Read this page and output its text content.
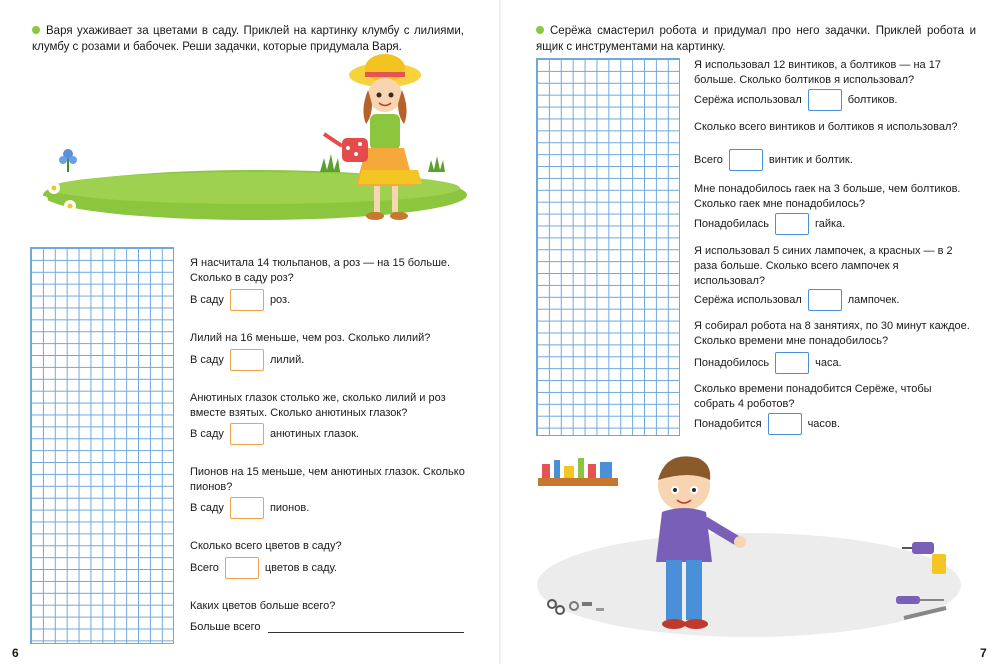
Варя ухаживает за цветами в саду. Приклей на картинку клумбу с лилиями, клумбу с розами и бабочек. Реши задачки, которые придумала Варя.

Я насчитала 14 тюльпанов, а роз — на 15 больше. Сколько в саду роз?

В саду	роз.

Лилий на 16 меньше, чем роз. Сколько лилий?

В саду	лилий.

Анютиных глазок столько же, сколько лилий и роз вместе взятых. Сколько анютиных глазок?

В саду	анютиных глазок.

Пионов на 15 меньше, чем анютиных глазок. Сколько пионов?

В саду	пионов.

Сколько всего цветов в саду?

Всего	цветов в саду.

Каких цветов больше всего?

Больше всего
6

Серёжа смастерил робота и придумал про него задачки. Приклей робота и ящик с инструментами на картинку.

Я использовал 12 винтиков, а болтиков — на 17 больше. Сколько болтиков я использовал?

Серёжа использовал	болтиков.

Сколько всего винтиков и болтиков я использовал?

Всего	винтик и болтик.

Мне понадобилось гаек на 3 больше, чем болтиков. Сколько гаек мне понадобилось?

Понадобилась	гайка.

Я использовал 5 синих лампочек, а красных — в 2 раза больше. Сколько всего лампочек я использовал?

Серёжа использовал	лампочек.

Я собирал робота на 8 занятиях, по 30 минут каждое. Сколько времени мне понадобилось?

Понадобилось	часа.

Сколько времени понадобится Серёже, чтобы собрать 4 роботов?

Понадобится	часов.
7
